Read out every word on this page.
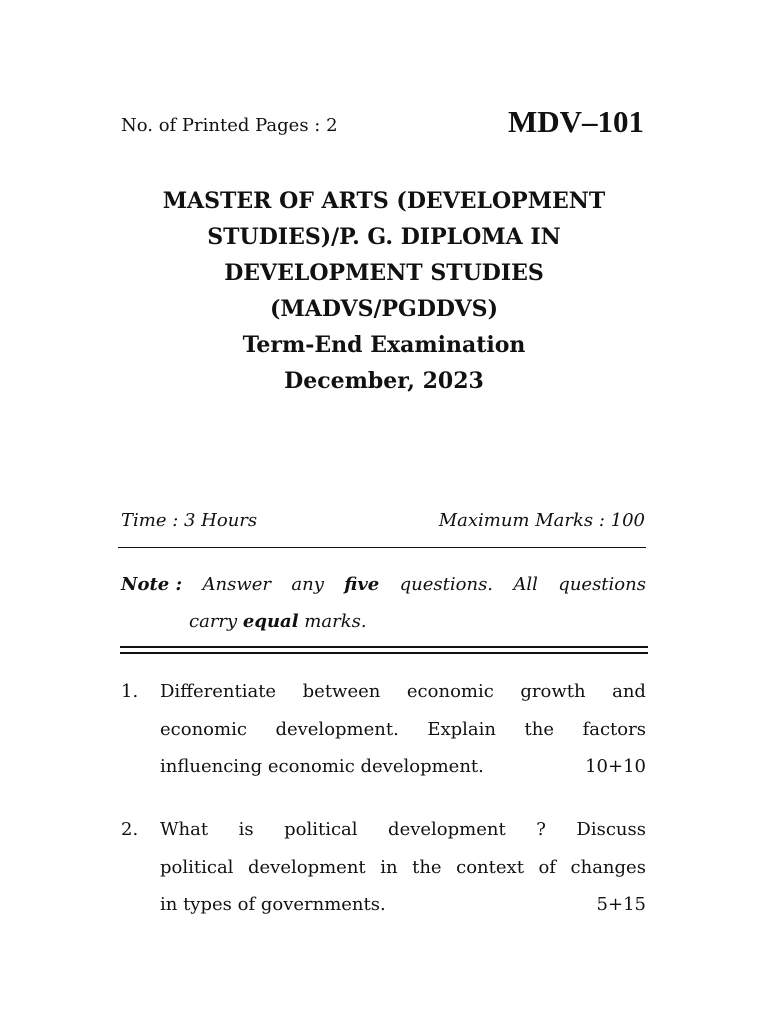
No. of Printed Pages : 2	MDV–101
MASTER OF ARTS (DEVELOPMENT
STUDIES)/P. G. DIPLOMA IN
DEVELOPMENT STUDIES
(MADVS/PGDDVS)
Term-End Examination
December, 2023
Time : 3 Hours	Maximum Marks : 100
Note : Answer any five questions. All questions
carry equal marks.
1. Differentiate between economic growth and
economic development. Explain the factors
influencing economic development.	10+10
2. What is political development ? Discuss
political development in the context of changes
in types of governments.	5+15
